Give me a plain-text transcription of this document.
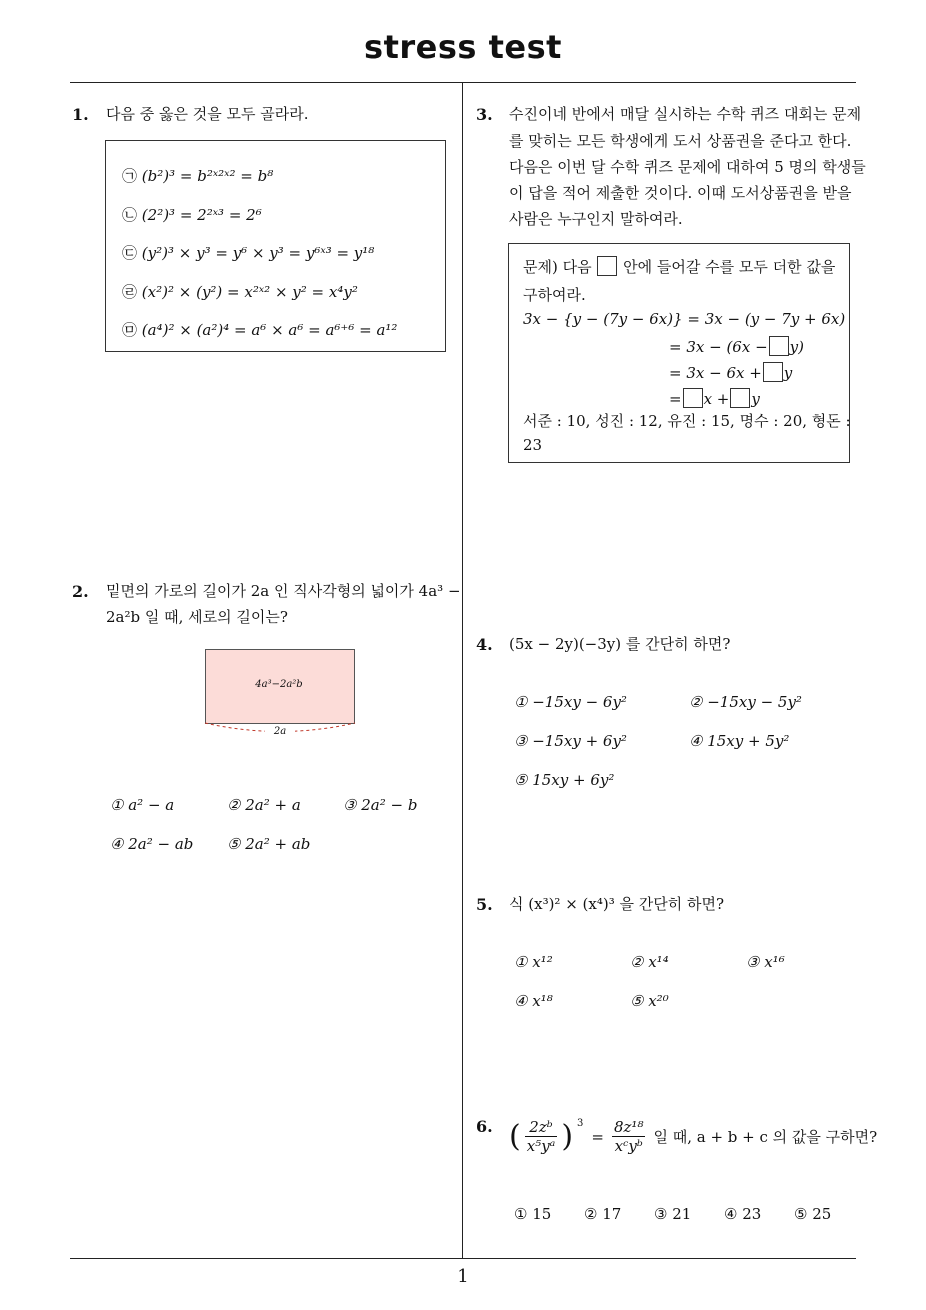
stress test
1
1. 다음 중 옳은 것을 모두 골라라.
㉠ (b²)³ = b²ˣ²ˣ² = b⁸
㉡ (2²)³ = 2²ˣ³ = 2⁶
㉢ (y²)³ × y³ = y⁶ × y³ = y⁶ˣ³ = y¹⁸
㉣ (x²)² × (y²) = x²ˣ² × y² = x⁴y²
㉤ (a⁴)² × (a²)⁴ = a⁶ × a⁶ = a⁶⁺⁶ = a¹²
2. 밑면의 가로의 길이가 2a 인 직사각형의 넓이가 4a³ −
2a²b 일 때, 세로의 길이는?
4a³−2a²b
2a
① a² − a	② 2a² + a	③ 2a² − b
④ 2a² − ab ⑤ 2a² + ab
3. 수진이네 반에서 매달 실시하는 수학 퀴즈 대회는 문제
를 맞히는 모든 학생에게 도서 상품권을 준다고 한다.
다음은 이번 달 수학 퀴즈 문제에 대하여 5 명의 학생들
이 답을 적어 제출한 것이다. 이때 도서상품권을 받을
사람은 누구인지 말하여라.
문제) 다음 안에 들어갈 수를 모두 더한 값을
구하여라.
3x − {y − (7y − 6x)} = 3x − (y − 7y + 6x)
= 3x − (6x − y)
= 3x − 6x + y
= x + y
서준 : 10, 성진 : 12, 유진 : 15, 명수 : 20, 형돈 :
23
4. (5x − 2y)(−3y) 를 간단히 하면?
① −15xy − 6y²	② −15xy − 5y²
③ −15xy + 6y²	④ 15xy + 5y²
⑤ 15xy + 6y²
5. 식 (x³)² × (x⁴)³ 을 간단히 하면?
① x¹²	② x¹⁴	③ x¹⁶
④ x¹⁸	⑤ x²⁰
6. ( $\frac{\text{2zᵇ}}{\text{x⁵yᵃ}}$ ) 3
= $\frac{\text{8z¹⁸}}{\text{xᶜyᵇ}}$ 일 때, a + b + c 의 값을 구하면?
① 15 ② 17 ③ 21 ④ 23 ⑤ 25
